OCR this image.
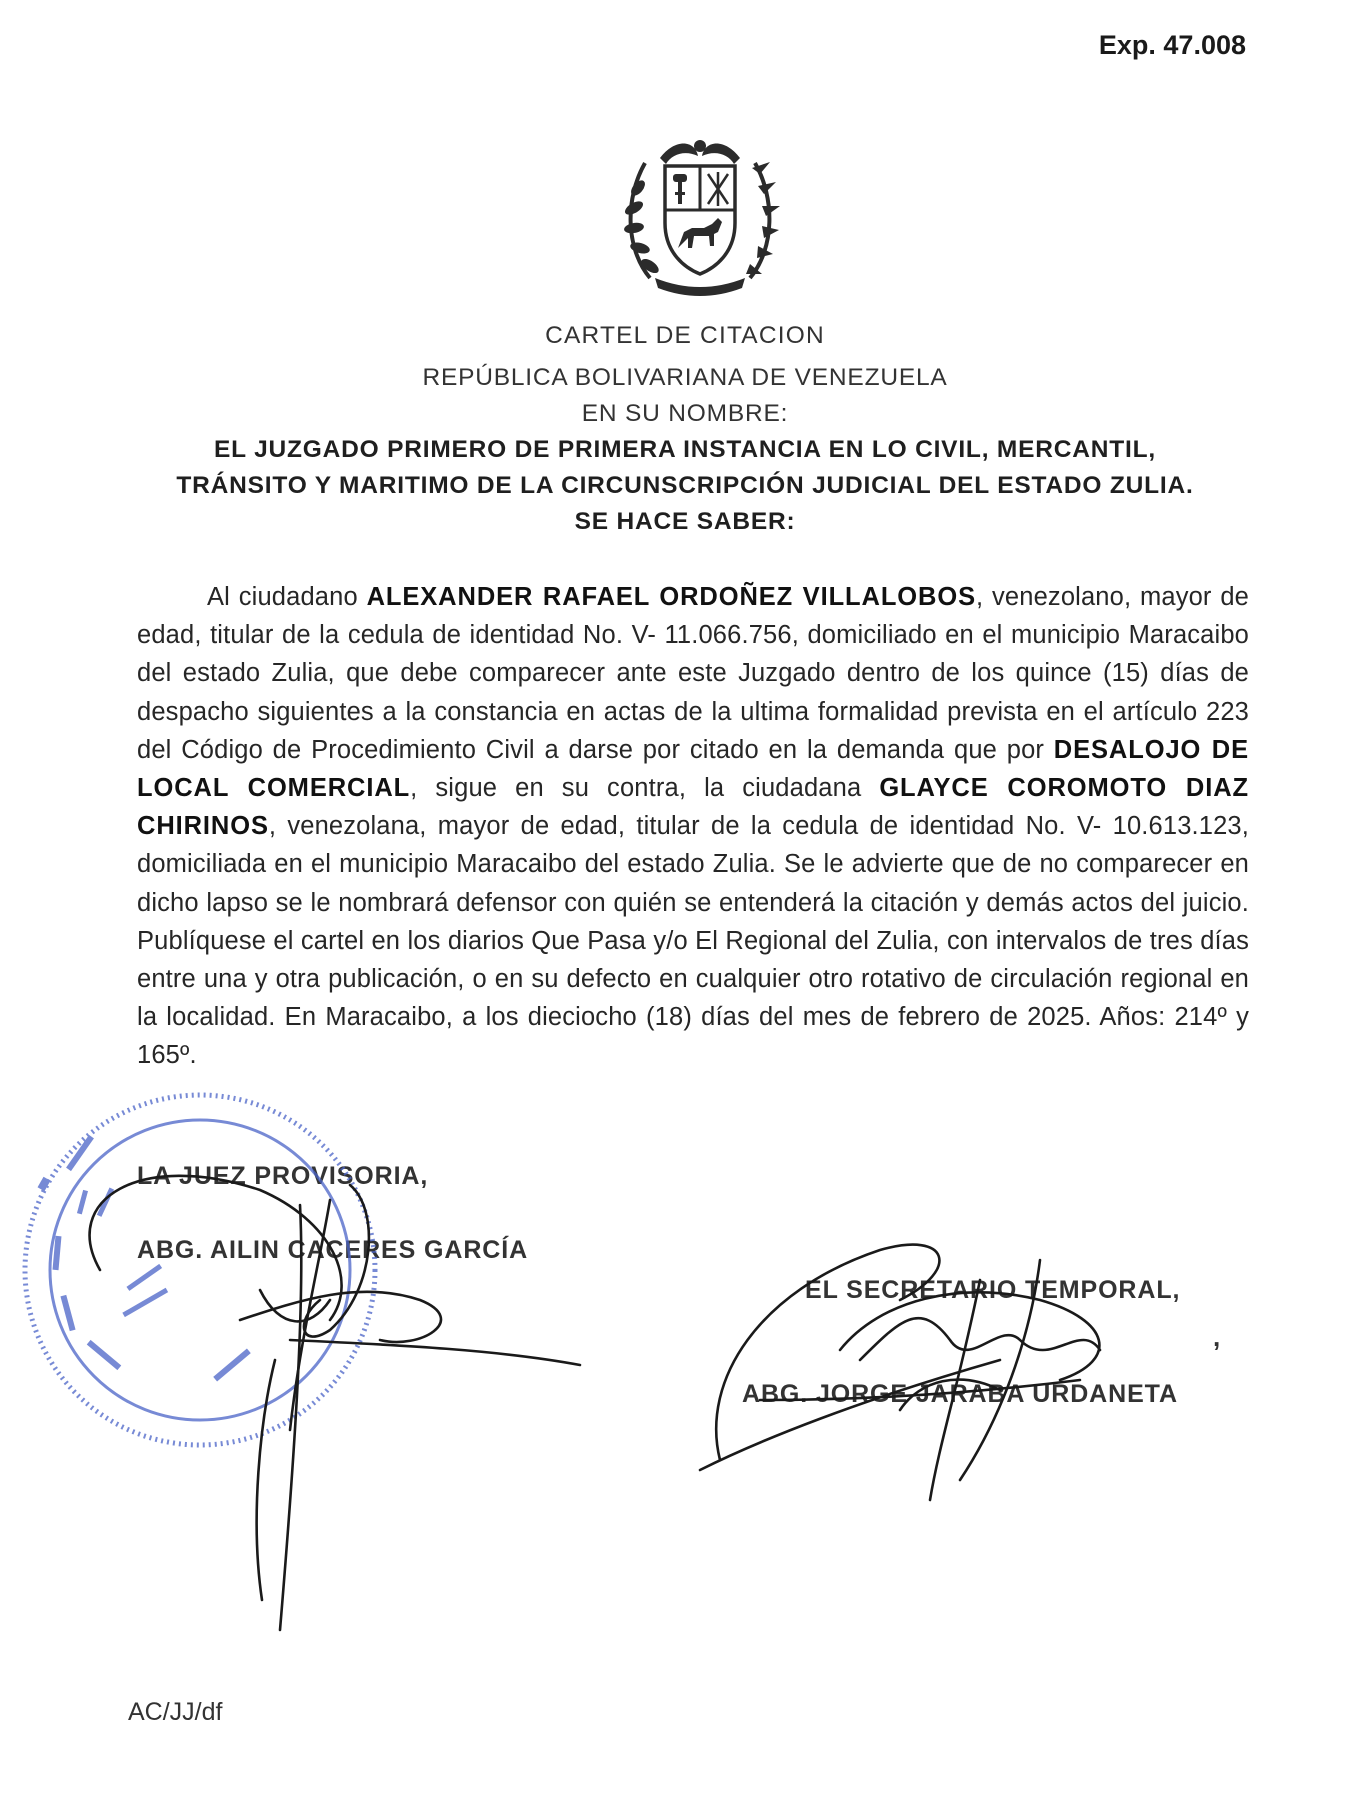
Exp. 47.008
CARTEL DE CITACION
REPÚBLICA BOLIVARIANA DE VENEZUELA
EN SU NOMBRE:
EL JUZGADO PRIMERO DE PRIMERA INSTANCIA EN LO CIVIL, MERCANTIL,
TRÁNSITO Y MARITIMO DE LA CIRCUNSCRIPCIÓN JUDICIAL DEL ESTADO ZULIA.
SE HACE SABER:
Al ciudadano ALEXANDER RAFAEL ORDOÑEZ VILLALOBOS, venezolano, mayor de edad, titular de la cedula de identidad No. V- 11.066.756, domiciliado en el municipio Maracaibo del estado Zulia, que debe comparecer ante este Juzgado dentro de los quince (15) días de despacho siguientes a la constancia en actas de la ultima formalidad prevista en el artículo 223 del Código de Procedimiento Civil a darse por citado en la demanda que por DESALOJO DE LOCAL COMERCIAL, sigue en su contra, la ciudadana GLAYCE COROMOTO DIAZ CHIRINOS, venezolana, mayor de edad, titular de la cedula de identidad No. V- 10.613.123, domiciliada en el municipio Maracaibo del estado Zulia. Se le advierte que de no comparecer en dicho lapso se le nombrará defensor con quién se entenderá la citación y demás actos del juicio. Publíquese el cartel en los diarios Que Pasa y/o El Regional del Zulia, con intervalos de tres días entre una y otra publicación, o en su defecto en cualquier otro rotativo de circulación regional en la localidad. En Maracaibo, a los dieciocho (18) días del mes de febrero de 2025. Años: 214º y 165º.
LA JUEZ PROVISORIA,
ABG. AILIN CACERES GARCÍA
EL SECRETARIO TEMPORAL,
,
ABG. JORGE JARABA URDANETA
AC/JJ/df
